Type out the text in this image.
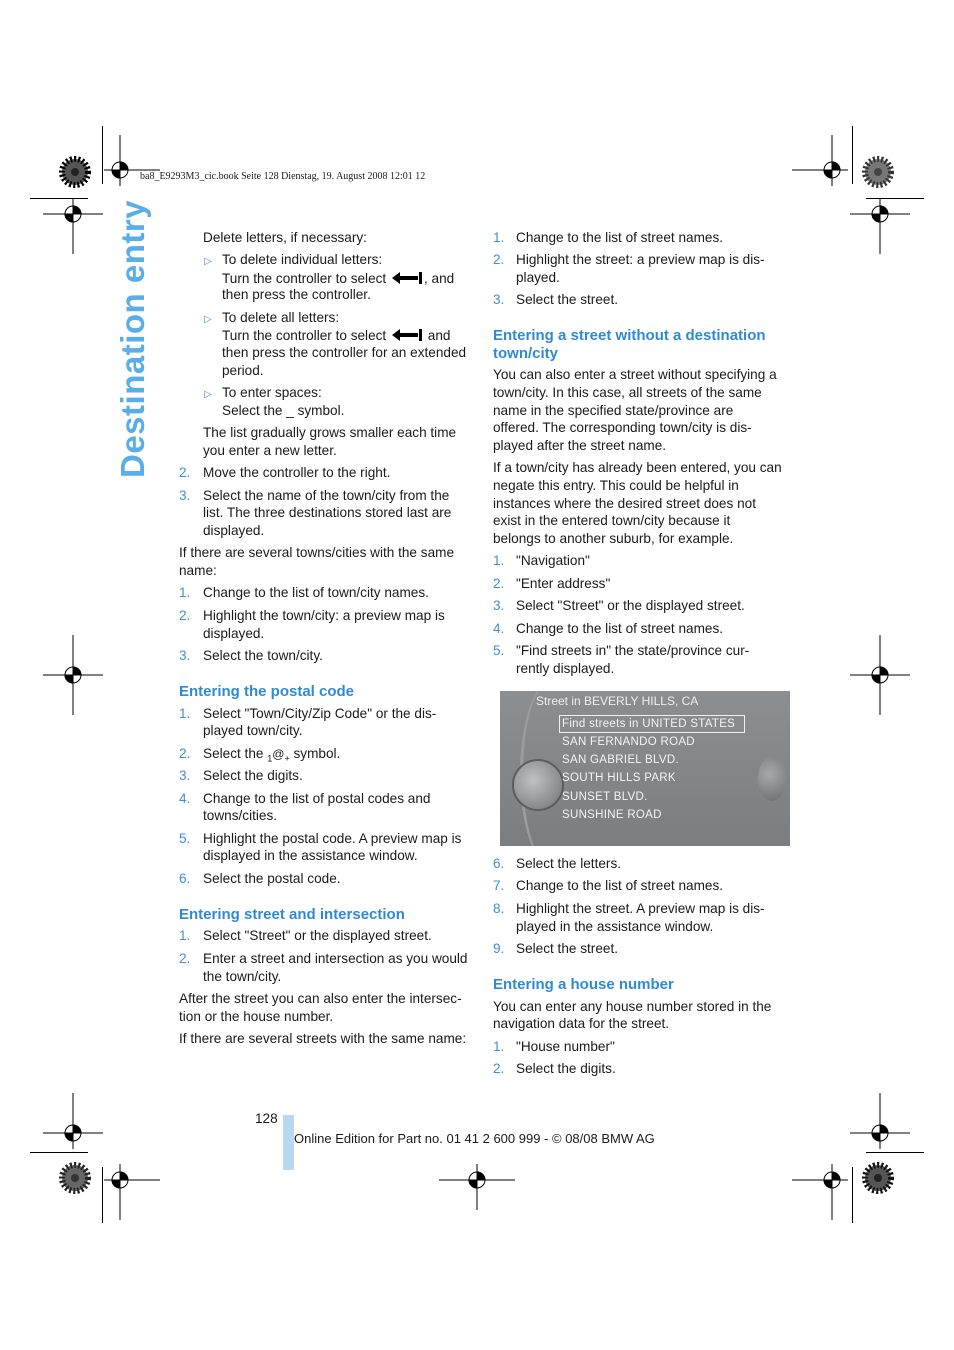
ba8_E9293M3_cic.book Seite 128 Dienstag, 19. August 2008 12:01 12
Destination entry	Delete letters, if necessary:
▷ To delete individual letters:
Turn the controller to select	, and
then press the controller.
▷ To delete all letters:
Turn the controller to select	and
then press the controller for an extended
period.
▷ To enter spaces:
Select the _ symbol.
The list gradually grows smaller each time
you enter a new letter.
2. Move the controller to the right.
3. Select the name of the town/city from the
list. The three destinations stored last are
displayed.
If there are several towns/cities with the same
name:
1. Change to the list of town/city names.
2. Highlight the town/city: a preview map is
displayed.
3. Select the town/city.
Entering the postal code
1. Select "Town/City/Zip Code" or the dis-
played town/city.
2. Select the $_1@_+$ symbol.
3. Select the digits.
4. Change to the list of postal codes and
towns/cities.
5. Highlight the postal code. A preview map is
displayed in the assistance window.
6. Select the postal code.
Entering street and intersection
1. Select "Street" or the displayed street.
2. Enter a street and intersection as you would
the town/city.
After the street you can also enter the intersec-
tion or the house number.
If there are several streets with the same name:
1. Change to the list of street names.
2. Highlight the street: a preview map is dis-
played.
3. Select the street.
Entering a street without a destination
town/city
You can also enter a street without specifying a
town/city. In this case, all streets of the same
name in the specified state/province are
offered. The corresponding town/city is dis-
played after the street name.
If a town/city has already been entered, you can
negate this entry. This could be helpful in
instances where the desired street does not
exist in the entered town/city because it
belongs to another suburb, for example.
1. "Navigation"
2. "Enter address"
3. Select "Street" or the displayed street.
4. Change to the list of street names.
5. "Find streets in" the state/province cur-
rently displayed.
Street in BEVERLY HILLS, CA
Find streets in UNITED STATES
SAN FERNANDO ROAD
SAN GABRIEL BLVD.
SOUTH HILLS PARK
SUNSET BLVD.
SUNSHINE ROAD
6. Select the letters.
7. Change to the list of street names.
8. Highlight the street. A preview map is dis-
played in the assistance window.
9. Select the street.
Entering a house number
You can enter any house number stored in the
navigation data for the street.
1. "House number"
2. Select the digits.
128
Online Edition for Part no. 01 41 2 600 999 - © 08/08 BMW AG
